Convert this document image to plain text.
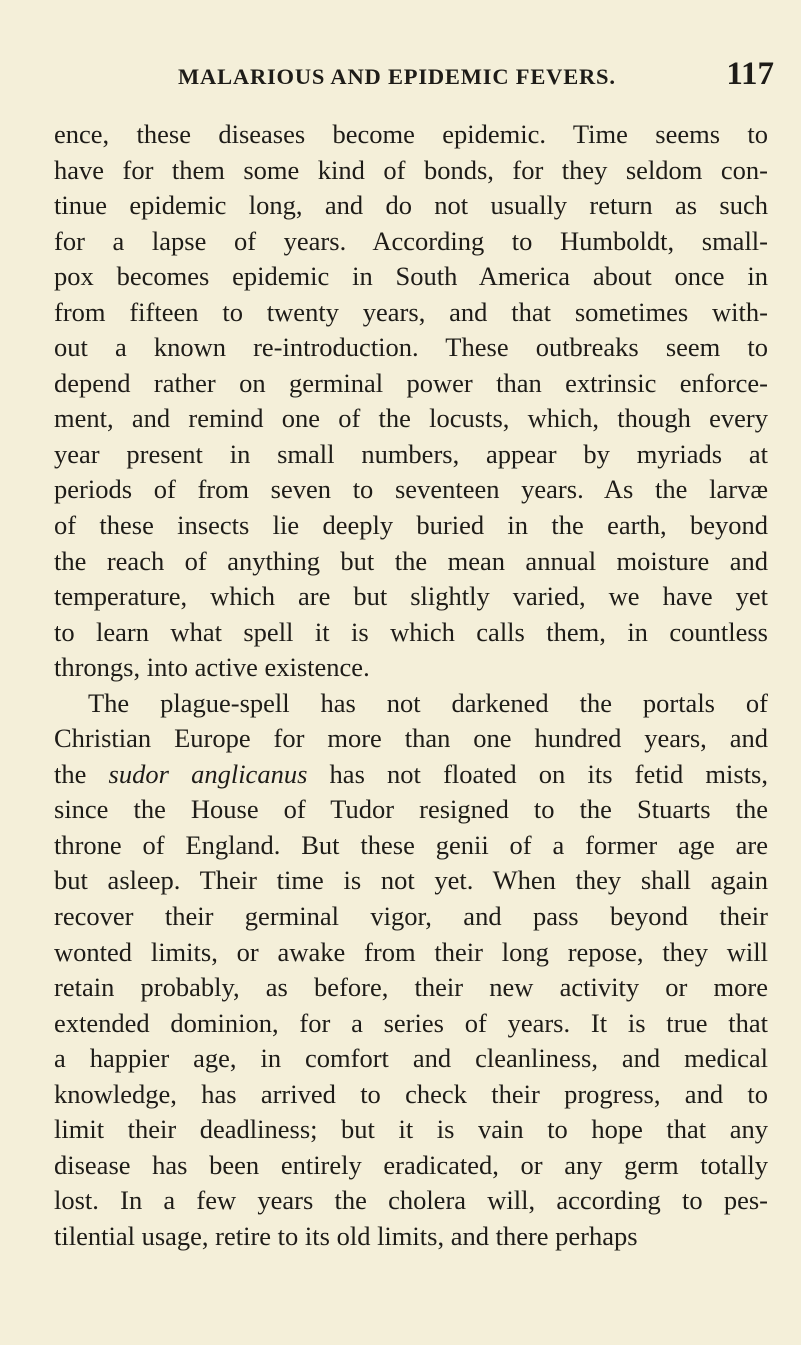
MALARIOUS AND EPIDEMIC FEVERS.	117
ence, these diseases become epidemic. Time seems to
have for them some kind of bonds, for they seldom con-
tinue epidemic long, and do not usually return as such
for a lapse of years. According to Humboldt, small-
pox becomes epidemic in South America about once in
from fifteen to twenty years, and that sometimes with-
out a known re-introduction. These outbreaks seem to
depend rather on germinal power than extrinsic enforce-
ment, and remind one of the locusts, which, though every
year present in small numbers, appear by myriads at
periods of from seven to seventeen years. As the larvæ
of these insects lie deeply buried in the earth, beyond
the reach of anything but the mean annual moisture and
temperature, which are but slightly varied, we have yet
to learn what spell it is which calls them, in countless
throngs, into active existence.
The plague-spell has not darkened the portals of
Christian Europe for more than one hundred years, and
the sudor anglicanus has not floated on its fetid mists,
since the House of Tudor resigned to the Stuarts the
throne of England. But these genii of a former age are
but asleep. Their time is not yet. When they shall again
recover their germinal vigor, and pass beyond their
wonted limits, or awake from their long repose, they will
retain probably, as before, their new activity or more
extended dominion, for a series of years. It is true that
a happier age, in comfort and cleanliness, and medical
knowledge, has arrived to check their progress, and to
limit their deadliness; but it is vain to hope that any
disease has been entirely eradicated, or any germ totally
lost. In a few years the cholera will, according to pes-
tilential usage, retire to its old limits, and there perhaps
